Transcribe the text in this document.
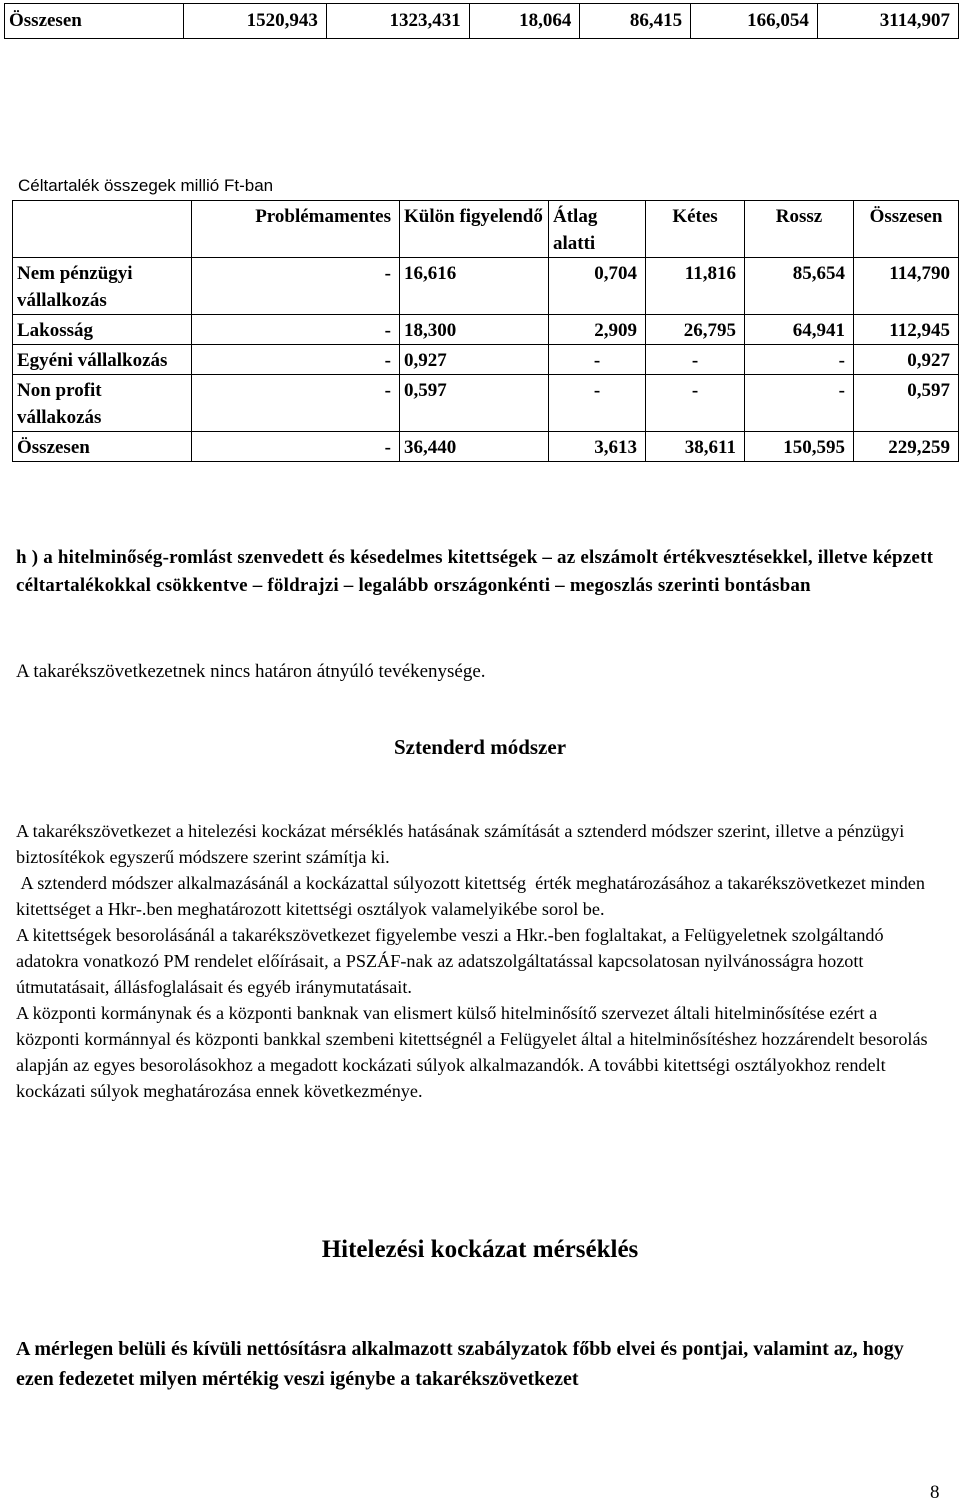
Összesen	1520,943	1323,431	18,064	86,415	166,054	3114,907
Céltartalék összegek millió Ft-ban
	Problémamentes	Külön figyelendő	Átlag alatti	Kétes	Rossz	Összesen
Nem pénzügyi vállalkozás	-	16,616	0,704	11,816	85,654	114,790
Lakosság	-	18,300	2,909	26,795	64,941	112,945
Egyéni vállalkozás	-	0,927	-	-	-	0,927
Non profit vállakozás	-	0,597	-	-	-	0,597
Összesen	-	36,440	3,613	38,611	150,595	229,259
h ) a hitelminőség-romlást szenvedett és késedelmes kitettségek – az elszámolt értékvesztésekkel, illetve képzett céltartalékokkal csökkentve – földrajzi – legalább országonkénti – megoszlás szerinti bontásban
A takarékszövetkezetnek nincs határon átnyúló tevékenysége.
Sztenderd módszer

A takarékszövetkezet a hitelezési kockázat mérséklés hatásának számítását a sztenderd módszer szerint, illetve a pénzügyi biztosítékok egyszerű módszere szerint számítja ki.

A sztenderd módszer alkalmazásánál a kockázattal súlyozott kitettség  érték meghatározásához a takarékszövetkezet minden kitettséget a Hkr-.ben meghatározott kitettségi osztályok valamelyikébe sorol be.

A kitettségek besorolásánál a takarékszövetkezet figyelembe veszi a Hkr.-ben foglaltakat, a Felügyeletnek szolgáltandó adatokra vonatkozó PM rendelet előírásait, a PSZÁF-nak az adatszolgáltatással kapcsolatosan nyilvánosságra hozott útmutatásait, állásfoglalásait és egyéb iránymutatásait.

A központi kormánynak és a központi banknak van elismert külső hitelminősítő szervezet általi hitelminősítése ezért a központi kormánnyal és központi bankkal szembeni kitettségnél a Felügyelet által a hitelminősítéshez hozzárendelt besorolás alapján az egyes besorolásokhoz a megadott kockázati súlyok alkalmazandók. A további kitettségi osztályokhoz rendelt kockázati súlyok meghatározása ennek következménye.

Hitelezési kockázat mérséklés
A mérlegen belüli és kívüli nettósításra alkalmazott szabályzatok főbb elvei és pontjai, valamint az, hogy ezen fedezetet milyen mértékig veszi igénybe a takarékszövetkezet
8
